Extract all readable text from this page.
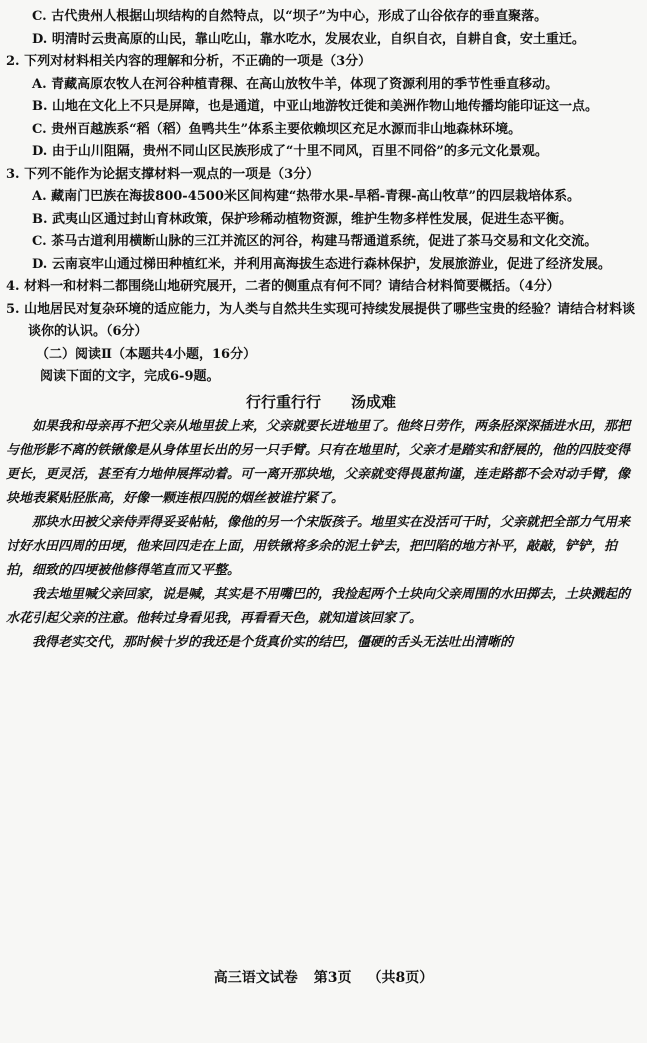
C. 古代贵州人根据山坝结构的自然特点，以“坝子”为中心，形成了山谷依存的垂直聚落。

D. 明清时云贵高原的山民，靠山吃山，靠水吃水，发展农业，自织自衣，自耕自食，安土重迁。

2. 下列对材料相关内容的理解和分析，不正确的一项是（3分）

A. 青藏高原农牧人在河谷种植青稞、在高山放牧牛羊，体现了资源利用的季节性垂直移动。

B. 山地在文化上不只是屏障，也是通道，中亚山地游牧迁徙和美洲作物山地传播均能印证这一点。

C. 贵州百越族系“稻（稻）鱼鸭共生”体系主要依赖坝区充足水源而非山地森林环境。

D. 由于山川阻隔，贵州不同山区民族形成了“十里不同风，百里不同俗”的多元文化景观。

3. 下列不能作为论据支撑材料一观点的一项是（3分）

A. 藏南门巴族在海拔800-4500米区间构建“热带水果-旱稻-青稞-高山牧草”的四层栽培体系。

B. 武夷山区通过封山育林政策，保护珍稀动植物资源，维护生物多样性发展，促进生态平衡。

C. 茶马古道利用横断山脉的三江并流区的河谷，构建马帮通道系统，促进了茶马交易和文化交流。

D. 云南哀牢山通过梯田种植红米，并利用高海拔生态进行森林保护，发展旅游业，促进了经济发展。

4. 材料一和材料二都围绕山地研究展开，二者的侧重点有何不同？请结合材料简要概括。（4分）

5. 山地居民对复杂环境的适应能力，为人类与自然共生实现可持续发展提供了哪些宝贵的经验？请结合材料谈谈你的认识。（6分）

（二）阅读Ⅱ（本题共4小题，16分）

阅读下面的文字，完成6-9题。

行行重行行 汤成难

如果我和母亲再不把父亲从地里拔上来，父亲就要长进地里了。他终日劳作，两条胫深深插进水田，那把与他形影不离的铁锹像是从身体里长出的另一只手臂。只有在地里时，父亲才是踏实和舒展的，他的四肢变得更长，更灵活，甚至有力地伸展挥动着。可一离开那块地，父亲就变得畏葸拘谨，连走路都不会对动手臂，像块地表紧贴胫胀高，好像一颗连根四脱的烟丝被谁拧紧了。

那块水田被父亲侍弄得妥妥帖帖，像他的另一个宋版孩子。地里实在没活可干时，父亲就把全部力气用来讨好水田四周的田埂，他来回四走在上面，用铁锹将多余的泥土铲去，把凹陷的地方补平，敲敲，铲铲，拍拍，细致的四埂被他修得笔直而又平整。

我去地里喊父亲回家，说是喊，其实是不用嘴巴的，我捡起两个土块向父亲周围的水田掷去，土块溅起的水花引起父亲的注意。他转过身看见我，再看看天色，就知道该回家了。

我得老实交代，那时候十岁的我还是个货真价实的结巴，僵硬的舌头无法吐出清晰的

高三语文试卷 第3页 （共8页）
